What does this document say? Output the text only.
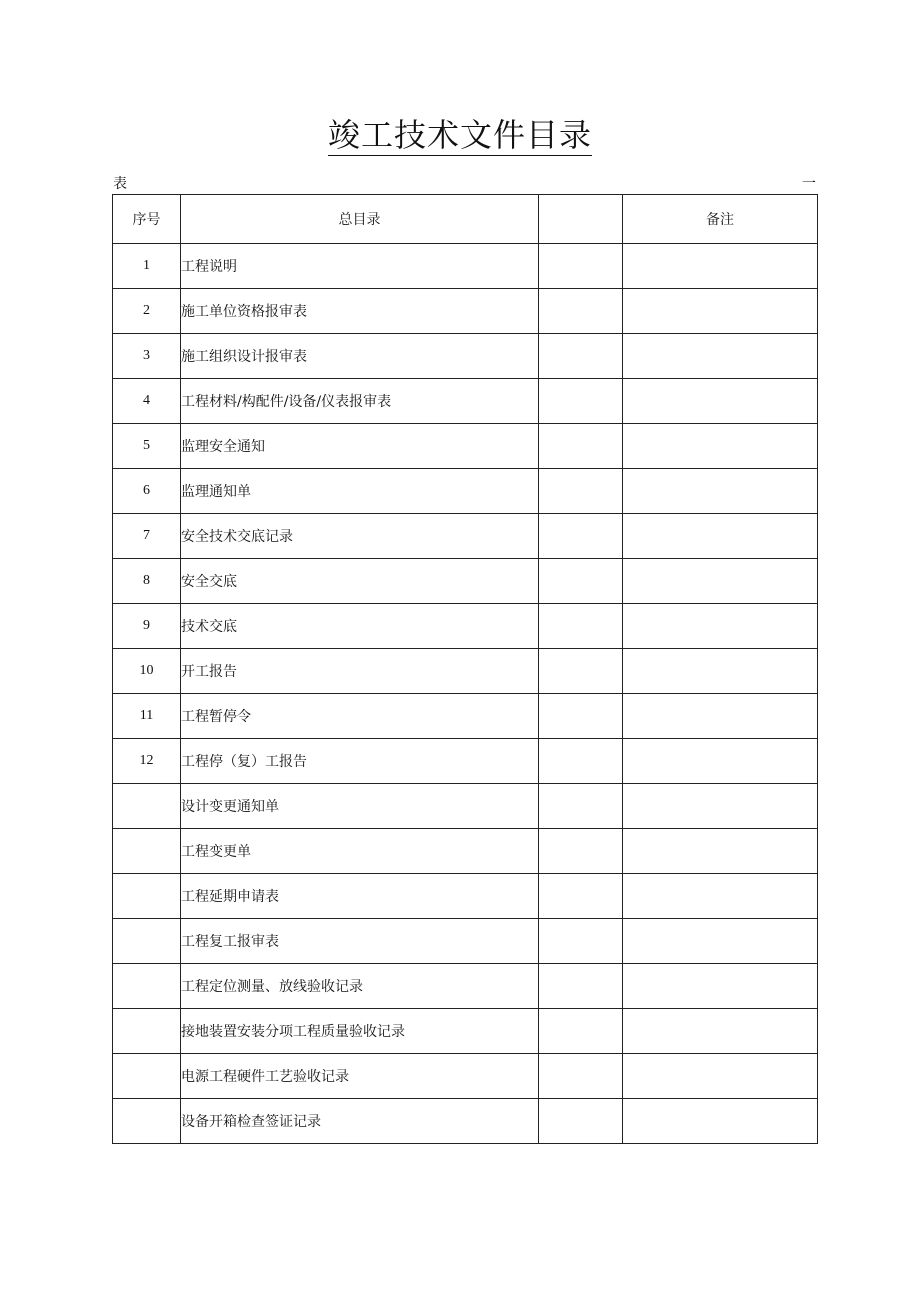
竣工技术文件目录
表	一
序号	总目录		备注
1	工程说明		
2	施工单位资格报审表		
3	施工组织设计报审表		
4	工程材料/构配件/设备/仪表报审表		
5	监理安全通知		
6	监理通知单		
7	安全技术交底记录		
8	安全交底		
9	技术交底		
10	开工报告		
11	工程暂停令		
12	工程停（复）工报告		
	设计变更通知单		
	工程变更单		
	工程延期申请表		
	工程复工报审表		
	工程定位测量、放线验收记录		
	接地装置安装分项工程质量验收记录		
	电源工程硬件工艺验收记录		
	设备开箱检查签证记录		
